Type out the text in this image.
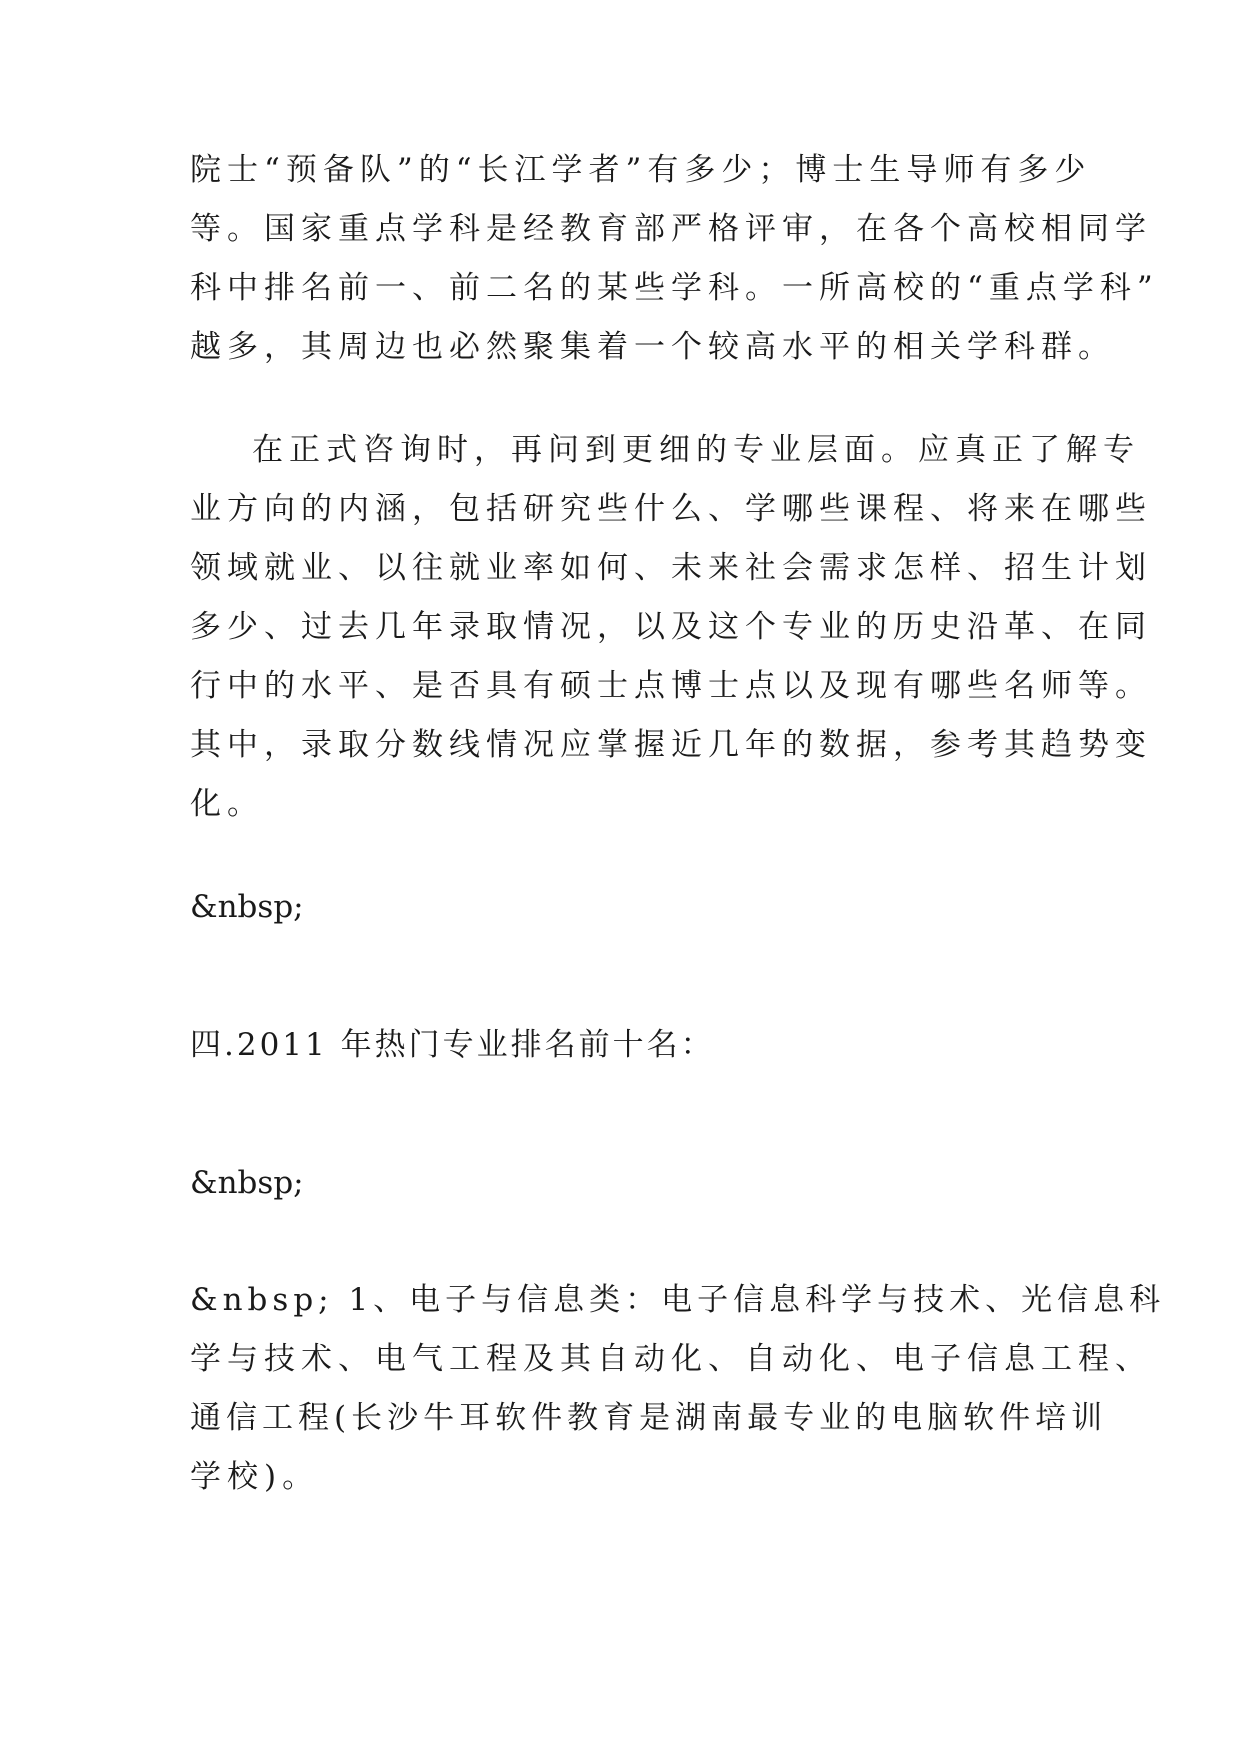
院士“预备队”的“长江学者”有多少；博士生导师有多少
等。国家重点学科是经教育部严格评审，在各个高校相同学
科中排名前一、前二名的某些学科。一所高校的“重点学科”
越多，其周边也必然聚集着一个较高水平的相关学科群。
在正式咨询时，再问到更细的专业层面。应真正了解专
业方向的内涵，包括研究些什么、学哪些课程、将来在哪些
领域就业、以往就业率如何、未来社会需求怎样、招生计划
多少、过去几年录取情况，以及这个专业的历史沿革、在同
行中的水平、是否具有硕士点博士点以及现有哪些名师等。
其中，录取分数线情况应掌握近几年的数据，参考其趋势变
化。
&nbsp;
四.2011 年热门专业排名前十名：
&nbsp;
&nbsp; 1、电子与信息类：电子信息科学与技术、光信息科
学与技术、电气工程及其自动化、自动化、电子信息工程、
通信工程(长沙牛耳软件教育是湖南最专业的电脑软件培训
学校)。
